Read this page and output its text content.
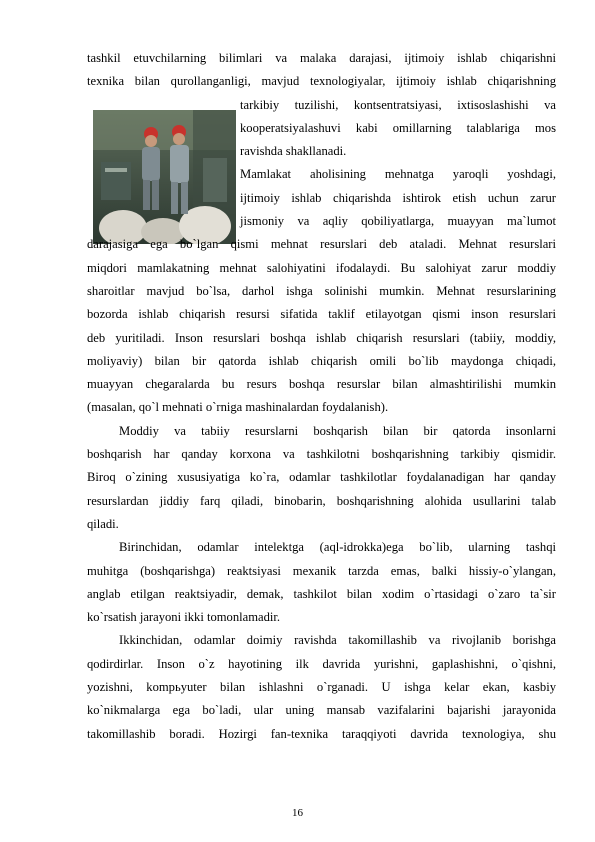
tashkil etuvchilarning bilimlari va malaka darajasi, ijtimoiy ishlab chiqarishni
texnika bilan qurollanganligi, mavjud texnologiyalar, ijtimoiy ishlab chiqarishning
tarkibiy tuzilishi, kontsentratsiyasi, ixtisoslashishi va
kooperatsiyalashuvi kabi omillarning talablariga mos
ravishda shakllanadi.
Mamlakat aholisining mehnatga yaroqli yoshdagi,
ijtimoiy ishlab chiqarishda ishtirok etish uchun zarur
jismoniy va aqliy qobiliyatlarga, muayyan ma`lumot
darajasiga ega bo`lgan qismi mehnat resurslari deb ataladi. Mehnat resurslari
miqdori mamlakatning mehnat salohiyatini ifodalaydi. Bu salohiyat zarur moddiy
sharoitlar mavjud bo`lsa, darhol ishga solinishi mumkin. Mehnat resurslarining
bozorda ishlab chiqarish resursi sifatida taklif etilayotgan qismi inson resurslari
deb yuritiladi. Inson resurslari boshqa ishlab chiqarish resurslari (tabiiy, moddiy,
moliyaviy) bilan bir qatorda ishlab chiqarish omili bo`lib maydonga chiqadi,
muayyan chegaralarda bu resurs boshqa resurslar bilan almashtirilishi mumkin
(masalan, qo`l mehnati o`rniga mashinalardan foydalanish).
Moddiy va tabiiy resurslarni boshqarish bilan bir qatorda insonlarni
boshqarish har qanday korxona va tashkilotni boshqarishning tarkibiy qismidir.
Biroq o`zining xususiyatiga ko`ra, odamlar tashkilotlar foydalanadigan har qanday
resurslardan jiddiy farq qiladi, binobarin, boshqarishning alohida usullarini talab
qiladi.
Birinchidan, odamlar intelektga (aql-idrokka)ega bo`lib, ularning tashqi
muhitga (boshqarishga) reaktsiyasi mexanik tarzda emas, balki hissiy-o`ylangan,
anglab etilgan reaktsiyadir, demak, tashkilot bilan xodim o`rtasidagi o`zaro ta`sir
ko`rsatish jarayoni ikki tomonlamadir.
Ikkinchidan, odamlar doimiy ravishda takomillashib va rivojlanib borishga
qodirdirlar. Inson o`z hayotining ilk davrida yurishni, gaplashishni, o`qishni,
yozishni, kompьyuter bilan ishlashni o`rganadi. U ishga kelar ekan, kasbiy
ko`nikmalarga ega bo`ladi, ular uning mansab vazifalarini bajarishi jarayonida
takomillashib boradi. Hozirgi fan-texnika taraqqiyoti davrida texnologiya, shu
16
